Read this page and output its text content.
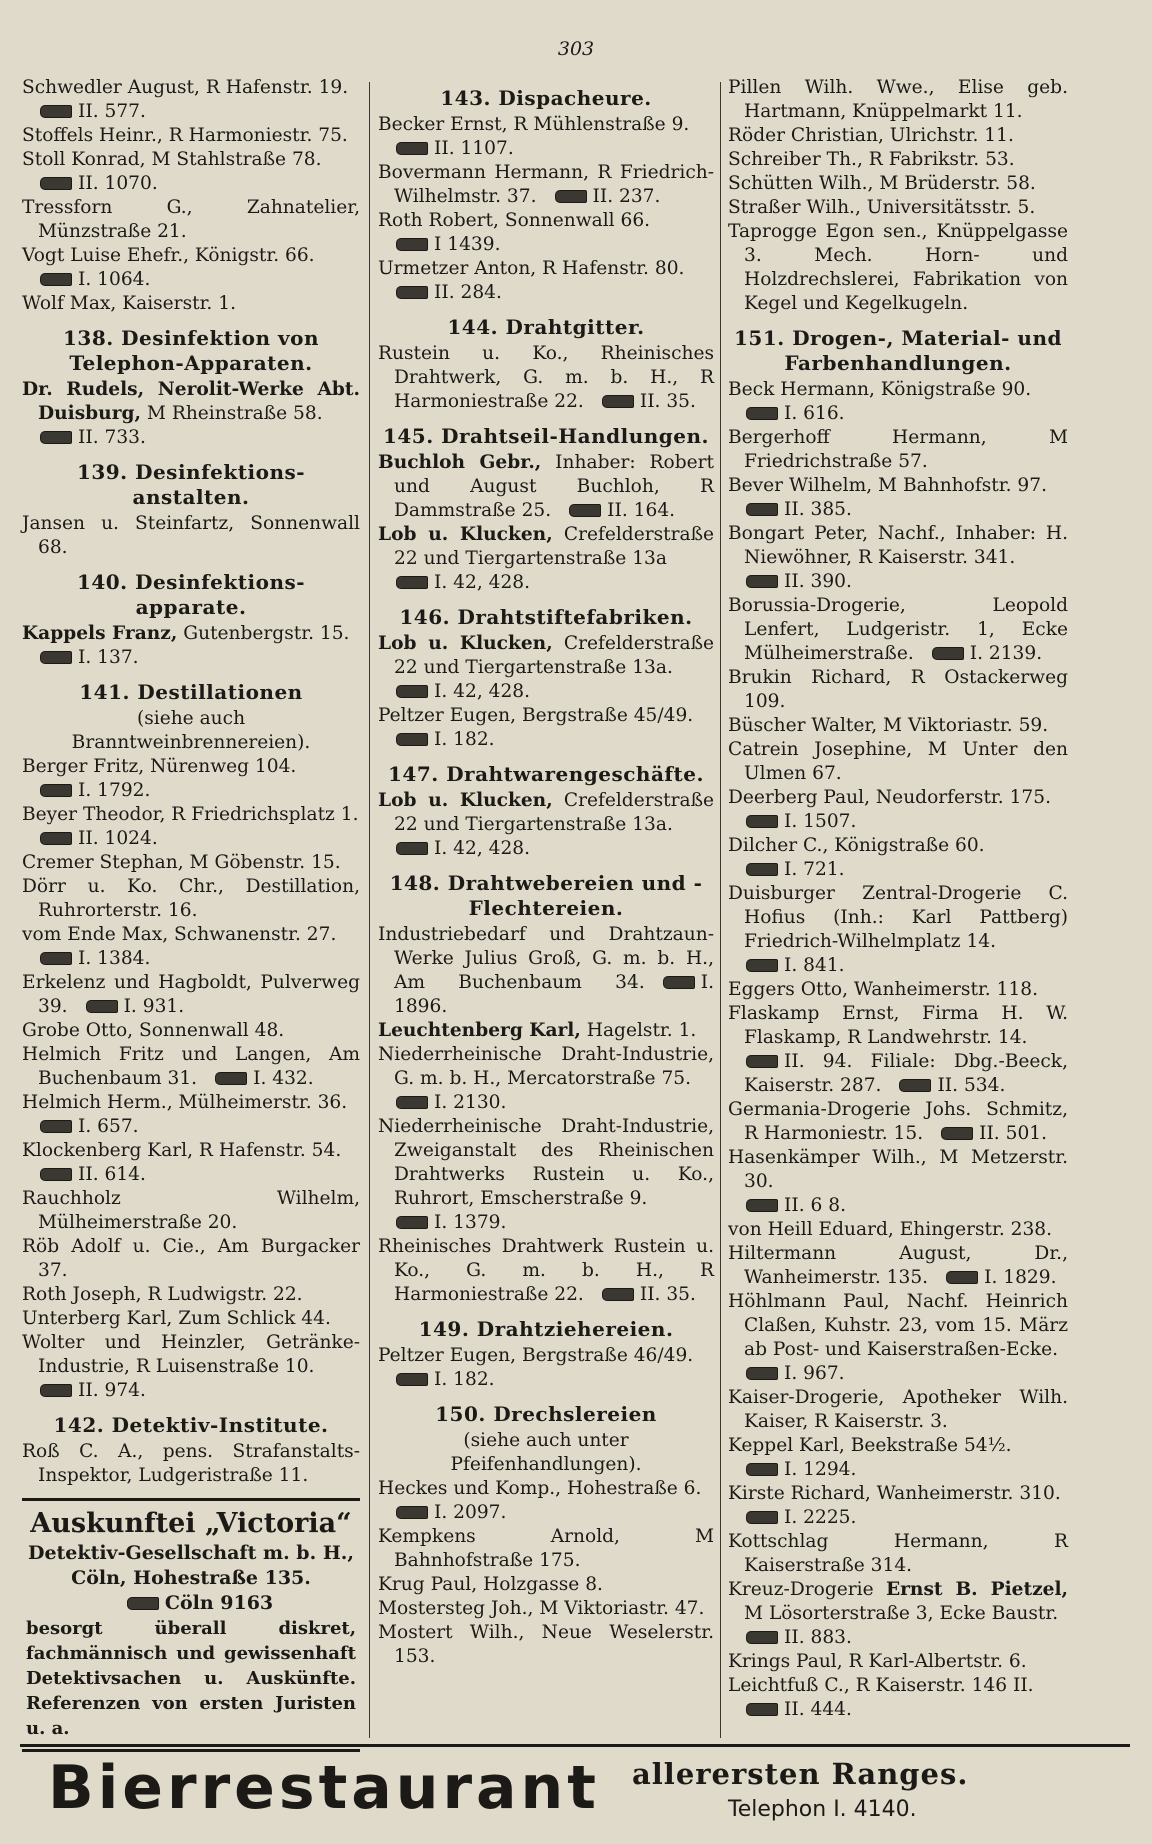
303
Schwedler August, R Hafenstr. 19.
II. 577.
Stoffels Heinr., R Harmoniestr. 75.
Stoll Konrad, M Stahlstraße 78.
II. 1070.
Tressforn G., Zahnatelier, Münzstraße 21.
Vogt Luise Ehefr., Königstr. 66.
I. 1064.
Wolf Max, Kaiserstr. 1.
138. Desinfektion von Telephon-Apparaten.
Dr. Rudels, Nerolit-Werke Abt. Duisburg, M Rheinstraße 58.
II. 733.
139. Desinfektions-anstalten.
Jansen u. Steinfartz, Sonnenwall 68.
140. Desinfektions-apparate.
Kappels Franz, Gutenbergstr. 15.
I. 137.
141. Destillationen
(siehe auch Branntweinbrennereien).
Berger Fritz, Nürenweg 104.
I. 1792.
Beyer Theodor, R Friedrichsplatz 1.
II. 1024.
Cremer Stephan, M Göbenstr. 15.
Dörr u. Ko. Chr., Destillation, Ruhrorterstr. 16.
vom Ende Max, Schwanenstr. 27.
I. 1384.
Erkelenz und Hagboldt, Pulverweg 39.	I. 931.
Grobe Otto, Sonnenwall 48.
Helmich Fritz und Langen, Am Buchenbaum 31.	I. 432.
Helmich Herm., Mülheimerstr. 36.
I. 657.
Klockenberg Karl, R Hafenstr. 54.
II. 614.
Rauchholz Wilhelm, Mülheimerstraße 20.
Röb Adolf u. Cie., Am Burgacker 37.
Roth Joseph, R Ludwigstr. 22.
Unterberg Karl, Zum Schlick 44.
Wolter und Heinzler, Getränke-Industrie, R Luisenstraße 10.
II. 974.
142. Detektiv-Institute.
Roß C. A., pens. Strafanstalts-Inspektor, Ludgeristraße 11.
Auskunftei „Victoria“
Detektiv-Gesellschaft m. b. H.,
Cöln, Hohestraße 135.
Cöln 9163
besorgt überall diskret, fachmännisch und gewissenhaft Detektivsachen u. Auskünfte. Referenzen von ersten Juristen u. a.
143. Dispacheure.
Becker Ernst, R Mühlenstraße 9.
II. 1107.
Bovermann Hermann, R Friedrich-Wilhelmstr. 37.	II. 237.
Roth Robert, Sonnenwall 66.
I 1439.
Urmetzer Anton, R Hafenstr. 80.
II. 284.
144. Drahtgitter.
Rustein u. Ko., Rheinisches Drahtwerk, G. m. b. H., R Harmoniestraße 22.	II. 35.
145. Drahtseil-Handlungen.
Buchloh Gebr., Inhaber: Robert und August Buchloh, R Dammstraße 25.	II. 164.
Lob u. Klucken, Crefelderstraße 22 und Tiergartenstraße 13a
I. 42, 428.
146. Drahtstiftefabriken.
Lob u. Klucken, Crefelderstraße 22 und Tiergartenstraße 13a.
I. 42, 428.
Peltzer Eugen, Bergstraße 45/49.
I. 182.
147. Drahtwarengeschäfte.
Lob u. Klucken, Crefelderstraße 22 und Tiergartenstraße 13a.
I. 42, 428.
148. Drahtwebereien und -Flechtereien.
Industriebedarf und Drahtzaun-Werke Julius Groß, G. m. b. H., Am Buchenbaum 34.	I. 1896.
Leuchtenberg Karl, Hagelstr. 1.
Niederrheinische Draht-Industrie, G. m. b. H., Mercatorstraße 75.
I. 2130.
Niederrheinische Draht-Industrie, Zweiganstalt des Rheinischen Drahtwerks Rustein u. Ko., Ruhrort, Emscherstraße 9.
I. 1379.
Rheinisches Drahtwerk Rustein u. Ko., G. m. b. H., R Harmoniestraße 22.	II. 35.
149. Drahtziehereien.
Peltzer Eugen, Bergstraße 46/49.
I. 182.
150. Drechslereien
(siehe auch unter Pfeifenhandlungen).
Heckes und Komp., Hohestraße 6.
I. 2097.
Kempkens Arnold, M Bahnhofstraße 175.
Krug Paul, Holzgasse 8.
Mostersteg Joh., M Viktoriastr. 47.
Mostert Wilh., Neue Weselerstr. 153.
Pillen Wilh. Wwe., Elise geb. Hartmann, Knüppelmarkt 11.
Röder Christian, Ulrichstr. 11.
Schreiber Th., R Fabrikstr. 53.
Schütten Wilh., M Brüderstr. 58.
Straßer Wilh., Universitätsstr. 5.
Taprogge Egon sen., Knüppelgasse 3. Mech. Horn- und Holzdrechslerei, Fabrikation von Kegel und Kegelkugeln.
151. Drogen-, Material- und Farbenhandlungen.
Beck Hermann, Königstraße 90.
I. 616.
Bergerhoff Hermann, M Friedrichstraße 57.
Bever Wilhelm, M Bahnhofstr. 97.
II. 385.
Bongart Peter, Nachf., Inhaber: H. Niewöhner, R Kaiserstr. 341.
II. 390.
Borussia-Drogerie, Leopold Lenfert, Ludgeristr. 1, Ecke Mülheimerstraße.	I. 2139.
Brukin Richard, R Ostackerweg 109.
Büscher Walter, M Viktoriastr. 59.
Catrein Josephine, M Unter den Ulmen 67.
Deerberg Paul, Neudorferstr. 175.
I. 1507.
Dilcher C., Königstraße 60.
I. 721.
Duisburger Zentral-Drogerie C. Hofius (Inh.: Karl Pattberg) Friedrich-Wilhelmplatz 14.
I. 841.
Eggers Otto, Wanheimerstr. 118.
Flaskamp Ernst, Firma H. W. Flaskamp, R Landwehrstr. 14.
II. 94. Filiale: Dbg.-Beeck, Kaiserstr. 287.	II. 534.
Germania-Drogerie Johs. Schmitz, R Harmoniestr. 15.	II. 501.
Hasenkämper Wilh., M Metzerstr. 30.
II. 6 8.
von Heill Eduard, Ehingerstr. 238.
Hiltermann August, Dr., Wanheimerstr. 135.	I. 1829.
Höhlmann Paul, Nachf. Heinrich Claßen, Kuhstr. 23, vom 15. März ab Post- und Kaiserstraßen-Ecke.
I. 967.
Kaiser-Drogerie, Apotheker Wilh. Kaiser, R Kaiserstr. 3.
Keppel Karl, Beekstraße 54½.
I. 1294.
Kirste Richard, Wanheimerstr. 310.
I. 2225.
Kottschlag Hermann, R Kaiserstraße 314.
Kreuz-Drogerie Ernst B. Pietzel, M Lösorterstraße 3, Ecke Baustr.
II. 883.
Krings Paul, R Karl-Albertstr. 6.
Leichtfuß C., R Kaiserstr. 146 II.
II. 444.
Bierrestaurant allerersten Ranges.
Telephon I. 4140.
